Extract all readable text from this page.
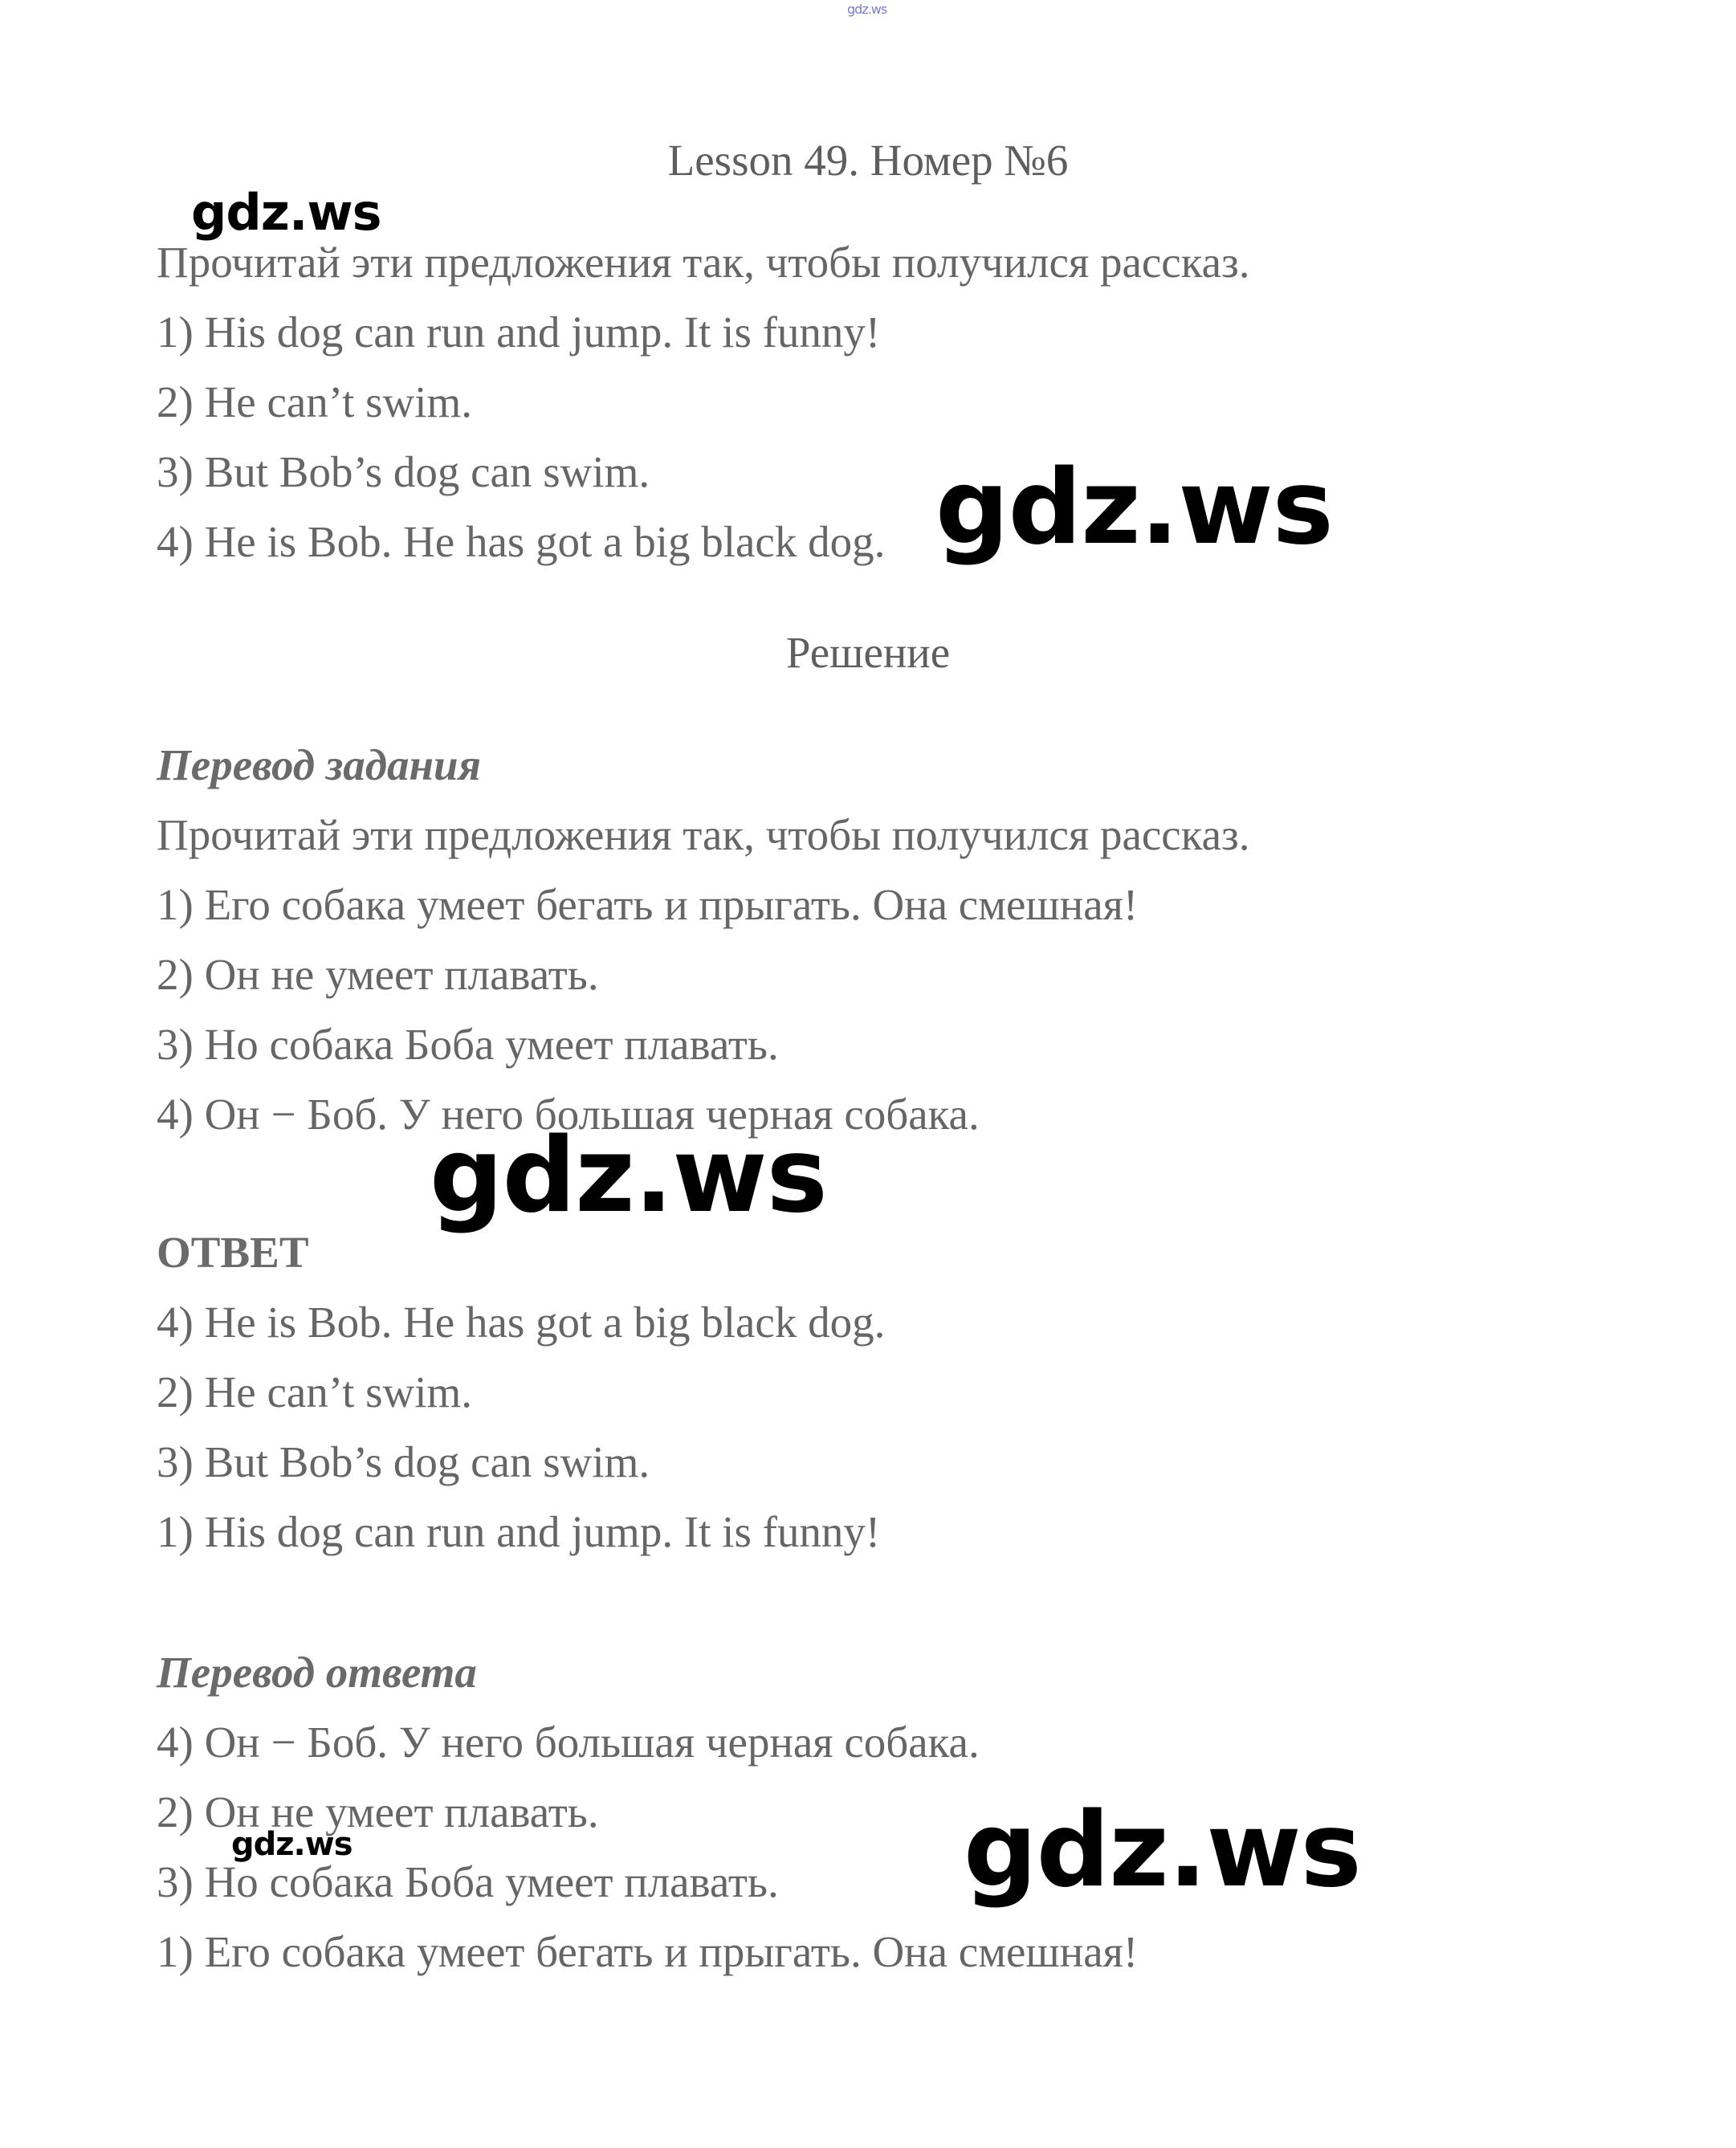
gdz.ws
Lesson 49. Номер №6
gdz.ws
Прочитай эти предложения так, чтобы получился рассказ.
1) His dog can run and jump. It is funny!
2) He can’t swim.
3) But Bob’s dog can swim.
4) He is Bob. He has got a big black dog. gdz.ws
Решение
Перевод задания
Прочитай эти предложения так, чтобы получился рассказ.
1) Его собака умеет бегать и прыгать. Она смешная!
2) Он не умеет плавать.
3) Но собака Боба умеет плавать.
4) Он − Боб. У него большая черная собака.
gdz.ws
ОТВЕТ
4) He is Bob. He has got a big black dog.
2) He can’t swim.
3) But Bob’s dog can swim.
1) His dog can run and jump. It is funny!
Перевод ответа
4) Он − Боб. У него большая черная собака.
2) Он не умеет плавать.
3) Но собака Боба умеет плавать.
1) Его собака умеет бегать и прыгать. Она смешная!
gdz.ws	gdz.ws
